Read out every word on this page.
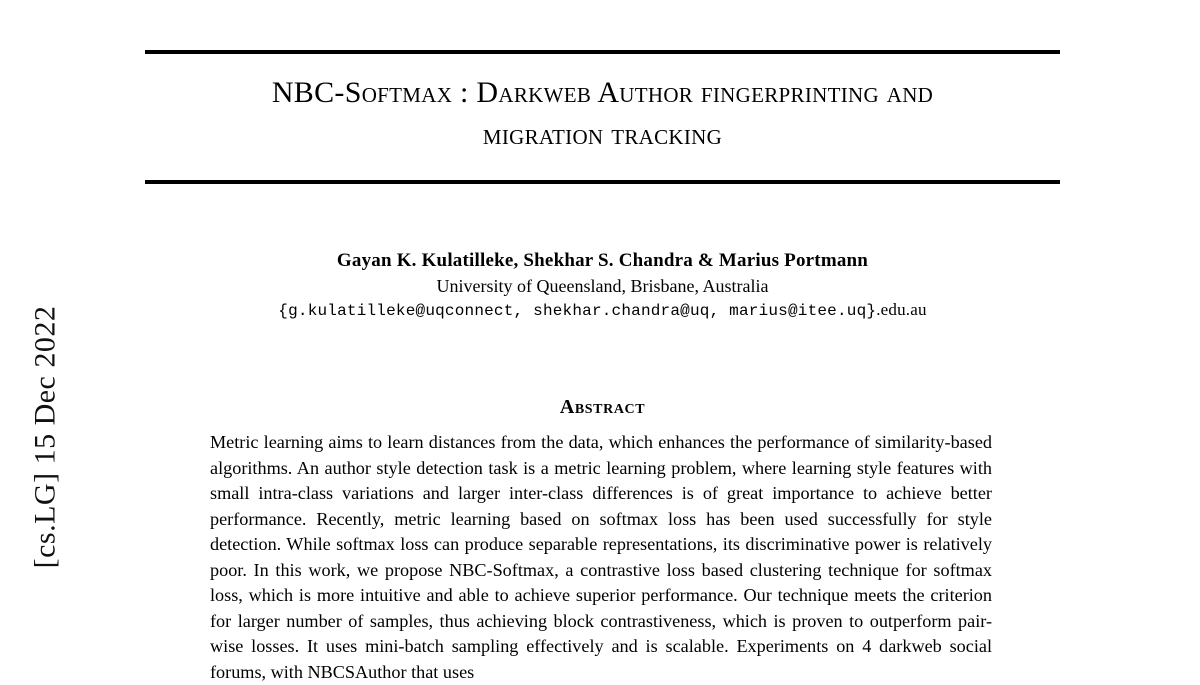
[cs.LG] 15 Dec 2022
NBC-Softmax : Darkweb Author fingerprinting and
migration tracking
Gayan K. Kulatilleke, Shekhar S. Chandra & Marius Portmann
University of Queensland, Brisbane, Australia
{g.kulatilleke@uqconnect, shekhar.chandra@uq, marius@itee.uq}.edu.au
Abstract

Metric learning aims to learn distances from the data, which enhances the performance of similarity-based algorithms. An author style detection task is a metric learning problem, where learning style features with small intra-class variations and larger inter-class differences is of great importance to achieve better performance. Recently, metric learning based on softmax loss has been used successfully for style detection. While softmax loss can produce separable representations, its discriminative power is relatively poor. In this work, we propose NBC-Softmax, a contrastive loss based clustering technique for softmax loss, which is more intuitive and able to achieve superior performance. Our technique meets the criterion for larger number of samples, thus achieving block contrastiveness, which is proven to outperform pair-wise losses. It uses mini-batch sampling effectively and is scalable. Experiments on 4 darkweb social forums, with NBCSAuthor that uses
